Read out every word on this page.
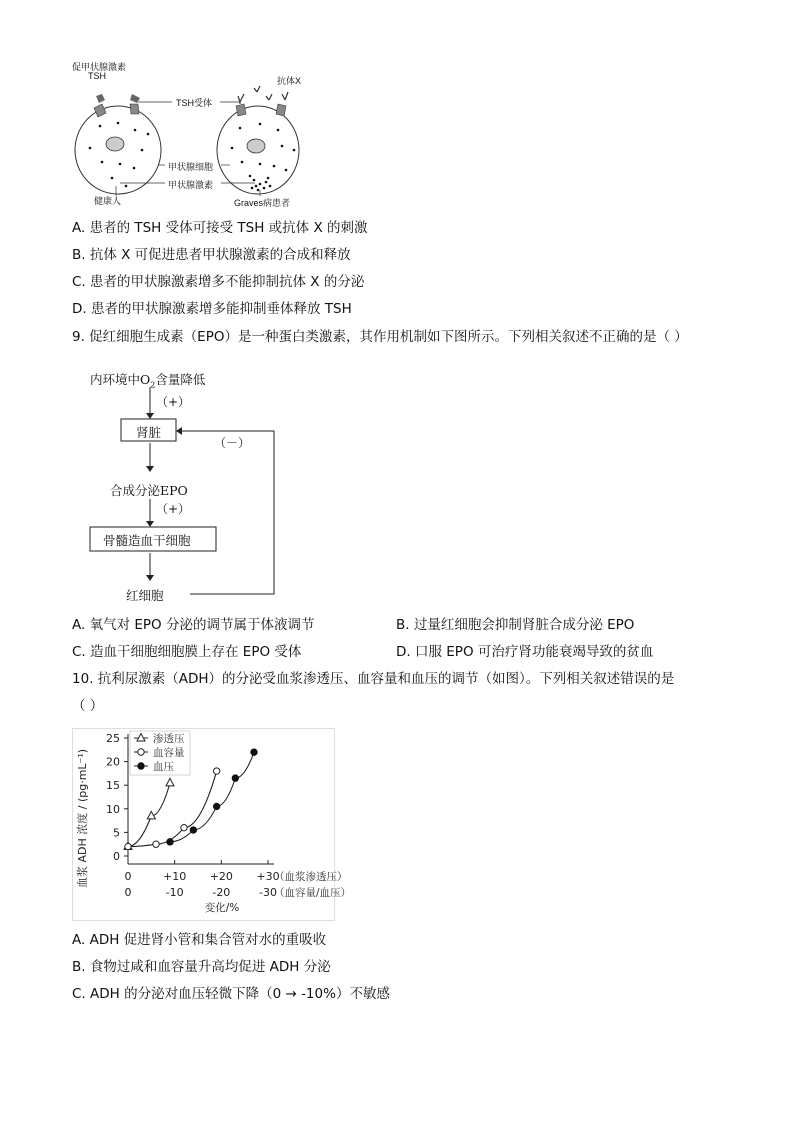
促甲状腺激素
TSH	抗体X
TSH受体
甲状腺细胞
甲状腺激素
健康人	Graves病患者
A. 患者的 TSH 受体可接受 TSH 或抗体 X 的刺激
B. 抗体 X 可促进患者甲状腺激素的合成和释放
C. 患者的甲状腺激素增多不能抑制抗体 X 的分泌
D. 患者的甲状腺激素增多能抑制垂体释放 TSH
9. 促红细胞生成素（EPO）是一种蛋白类激素，其作用机制如下图所示。下列相关叙述不正确的是（ ）
内环境中$O_2$含量降低
（+）
肾脏
（－）
合成分泌EPO
（+）
骨髓造血干细胞
红细胞
A. 氧气对 EPO 分泌的调节属于体液调节	B. 过量红细胞会抑制肾脏合成分泌 EPO
C. 造血干细胞细胞膜上存在 EPO 受体	D. 口服 EPO 可治疗肾功能衰竭导致的贫血
10. 抗利尿激素（ADH）的分泌受血浆渗透压、血容量和血压的调节（如图）。下列相关叙述错误的是
（ ）
0
5
10
15
20
25	渗透压
血容量
血压
0
0
+10
-10
+20
-20
+30
-30
（血浆渗透压）
（血容量/血压）
变化/%
血浆 ADH 浓度 / (pg·mL⁻¹)
A. ADH 促进肾小管和集合管对水的重吸收
B. 食物过咸和血容量升高均促进 ADH 分泌
C. ADH 的分泌对血压轻微下降（0 → -10%）不敏感
